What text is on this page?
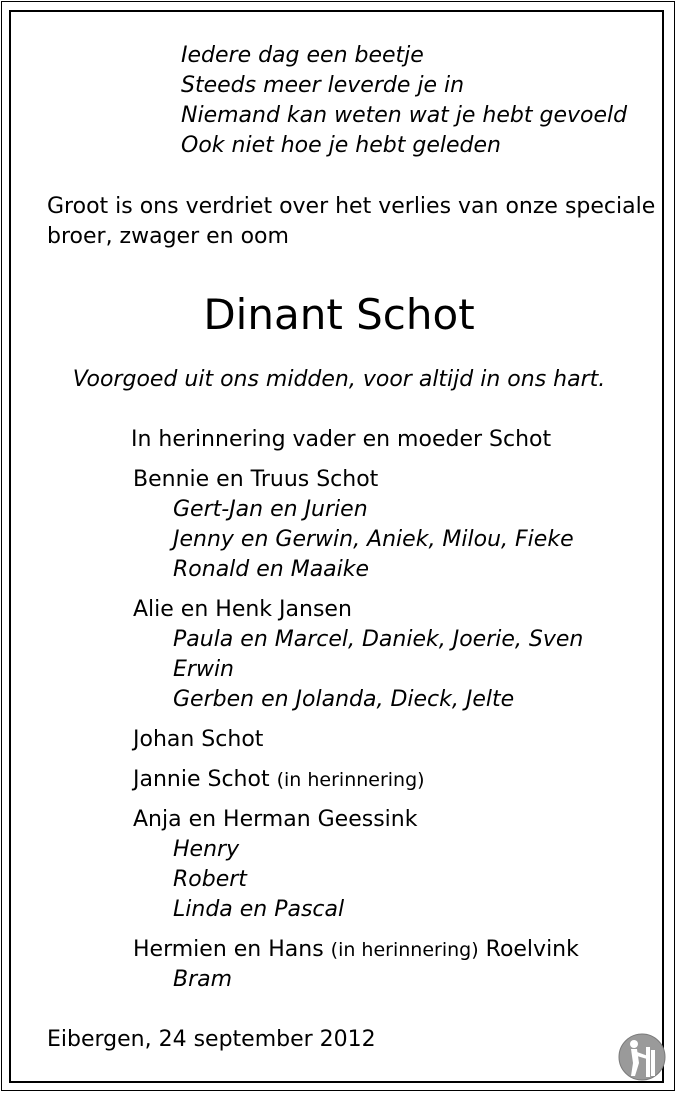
Iedere dag een beetje
Steeds meer leverde je in
Niemand kan weten wat je hebt gevoeld
Ook niet hoe je hebt geleden
Groot is ons verdriet over het verlies van onze speciale
broer, zwager en oom
Dinant Schot
Voorgoed uit ons midden, voor altijd in ons hart.
In herinnering vader en moeder Schot
Bennie en Truus Schot
Gert-Jan en Jurien
Jenny en Gerwin, Aniek, Milou, Fieke
Ronald en Maaike
Alie en Henk Jansen
Paula en Marcel, Daniek, Joerie, Sven
Erwin
Gerben en Jolanda, Dieck, Jelte
Johan Schot
Jannie Schot (in herinnering)
Anja en Herman Geessink
Henry
Robert
Linda en Pascal
Hermien en Hans (in herinnering) Roelvink
Bram
Eibergen, 24 september 2012
